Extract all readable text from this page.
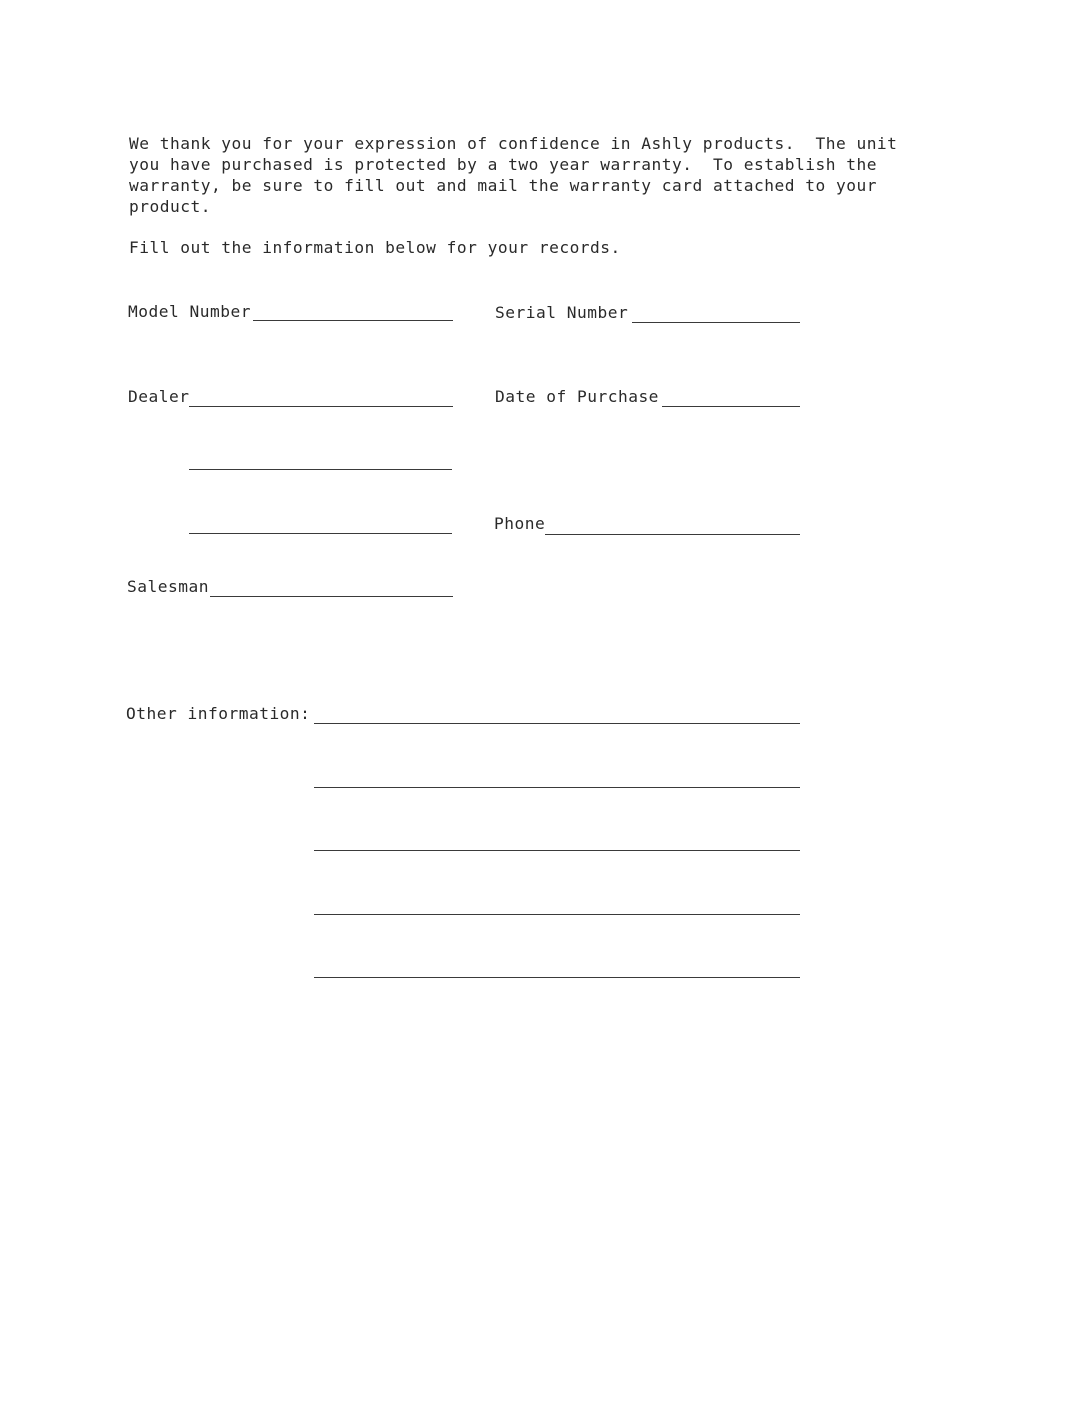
We thank you for your expression of confidence in Ashly products.  The unit
you have purchased is protected by a two year warranty.  To establish the
warranty, be sure to fill out and mail the warranty card attached to your
product.
Fill out the information below for your records.
Model Number	Serial Number
Dealer	Date of Purchase
Phone
Salesman
Other information:
